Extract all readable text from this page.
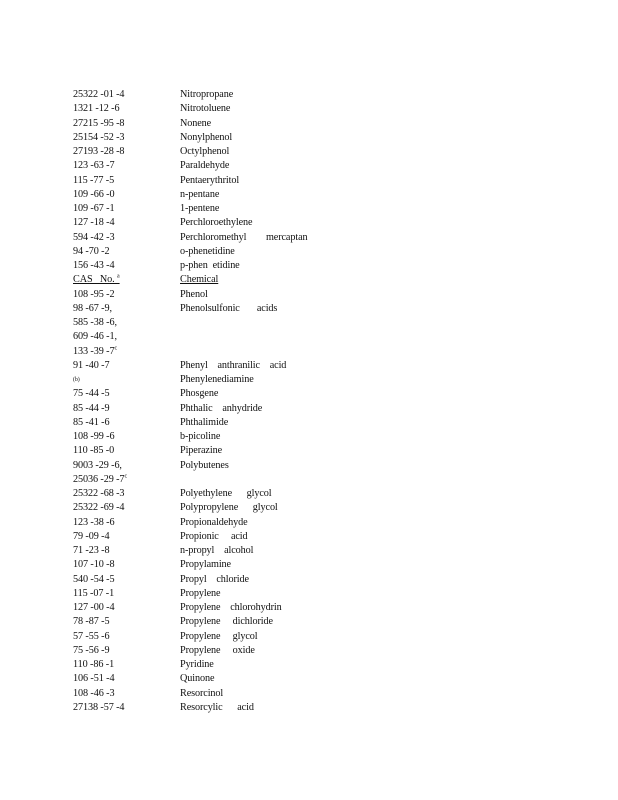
25322 -01 -4	Nitropropane
1321 -12 -6	Nitrotoluene
27215 -95 -8	Nonene
25154 -52 -3	Nonylphenol
27193 -28 -8	Octylphenol
123 -63 -7	Paraldehyde
115 -77 -5	Pentaerythritol
109 -66 -0	n-pentane
109 -67 -1	1-pentene
127 -18 -4	Perchloroethylene
594 -42 -3	Perchloromethyl        mercaptan
94 -70 -2	o-phenetidine
156 -43 -4	p-phen  etidine
CAS   No. $^a$	Chemical
108 -95 -2	Phenol
98 -67 -9,	Phenolsulfonic       acids
585 -38 -6,
609 -46 -1,
133 -39 -7$^c$
91 -40 -7	Phenyl    anthranilic    acid
(b)	Phenylenediamine
75 -44 -5	Phosgene
85 -44 -9	Phthalic    anhydride
85 -41 -6	Phthalimide
108 -99 -6	b-picoline
110 -85 -0	Piperazine
9003 -29 -6,	Polybutenes
25036 -29 -7$^c$
25322 -68 -3	Polyethylene      glycol
25322 -69 -4	Polypropylene      glycol
123 -38 -6	Propionaldehyde
79 -09 -4	Propionic     acid
71 -23 -8	n-propyl    alcohol
107 -10 -8	Propylamine
540 -54 -5	Propyl    chloride
115 -07 -1	Propylene
127 -00 -4	Propylene    chlorohydrin
78 -87 -5	Propylene     dichloride
57 -55 -6	Propylene     glycol
75 -56 -9	Propylene     oxide
110 -86 -1	Pyridine
106 -51 -4	Quinone
108 -46 -3	Resorcinol
27138 -57 -4	Resorcylic      acid
